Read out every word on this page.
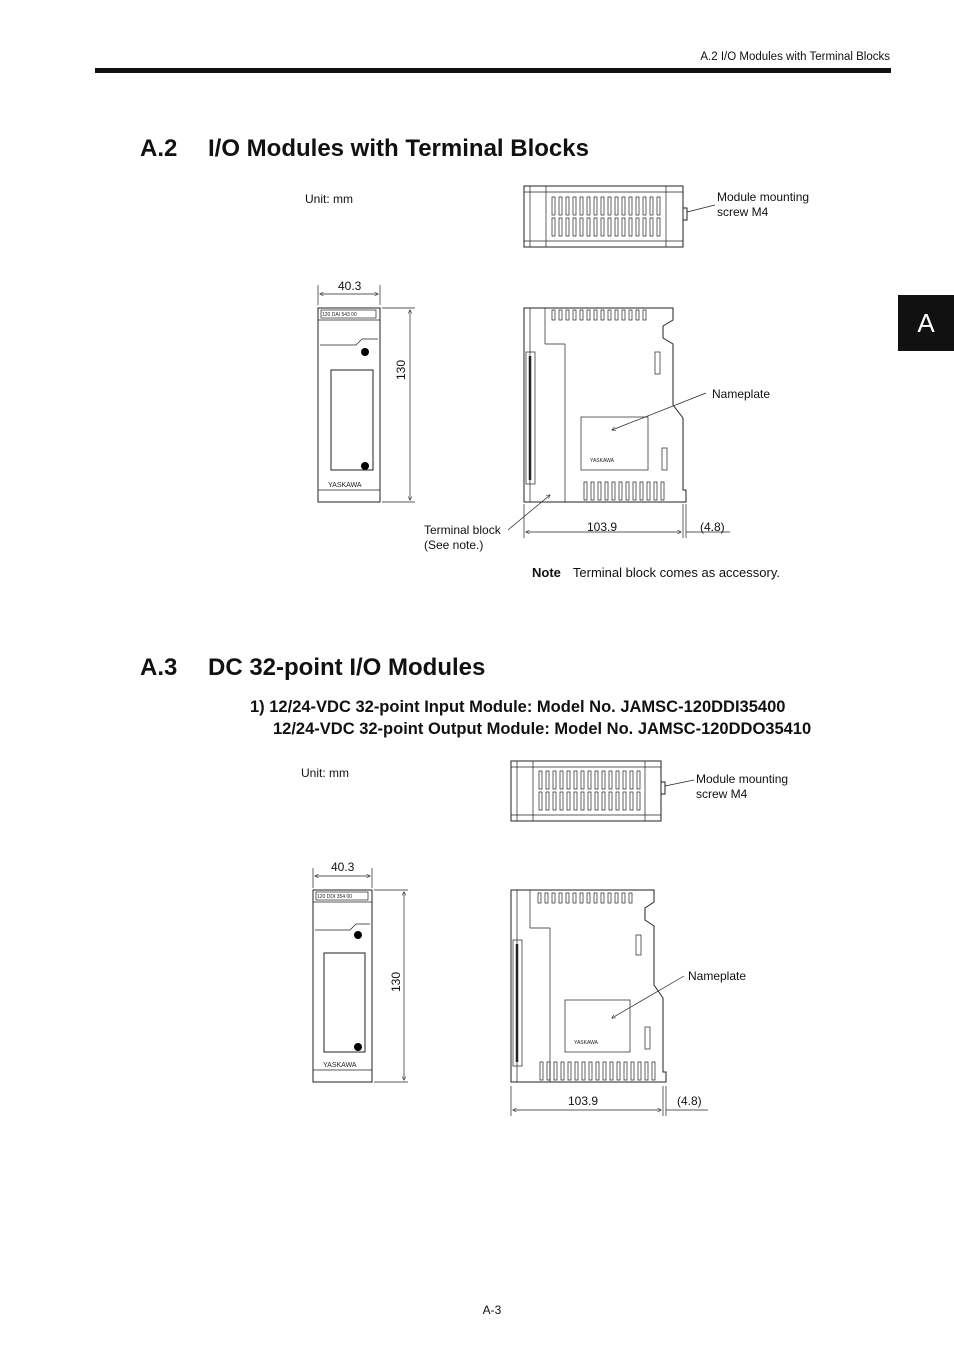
A.2 I/O Modules with Terminal Blocks
A
A.2 I/O Modules with Terminal Blocks
Unit: mm	Module mounting
screw M4
40.3
130
Nameplate
Terminal block
(See note.)
103.9	(4.8)
Note Terminal block comes as accessory.
A.3 DC 32-point I/O Modules
1) 12/24-VDC 32-point Input Module: Model No. JAMSC-120DDI35400
12/24-VDC 32-point Output Module: Model No. JAMSC-120DDO35410
Unit: mm	Module mounting
screw M4
40.3
130	Nameplate
103.9	(4.8)
A-3
120 DAI 543 00
YASKAWA
YASKAWA
120 DDI 354 00
YASKAWA
YASKAWA
